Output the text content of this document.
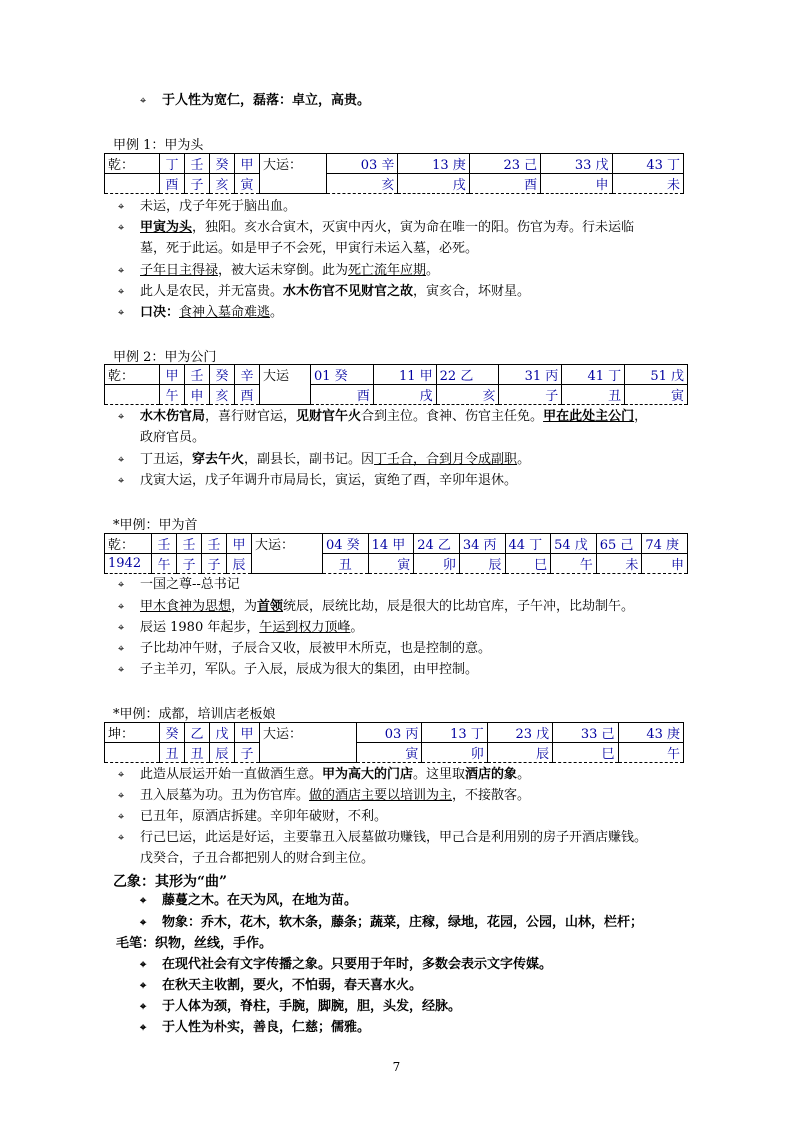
⌖ 于人性为宽仁，磊落：卓立，高贵。
甲例 1：甲为头
乾：	丁	壬	癸	甲	大运：	03 辛	13 庚	23 己	33 戊	43 丁
	酉	子	亥	寅		亥	戌	酉	申	未
⌖ 未运，戊子年死于脑出血。
⌖ 甲寅为头，独阳。亥水合寅木，灭寅中丙火，寅为命在唯一的阳。伤官为寿。行未运临
墓，死于此运。如是甲子不会死，甲寅行未运入墓，必死。
⌖ 子年日主得禄，被大运未穿倒。此为死亡流年应期。
⌖ 此人是农民，并无富贵。水木伤官不见财官之故，寅亥合，坏财星。
⌖ 口决：食神入墓命难逃。
甲例 2：甲为公门
乾：	甲	壬	癸	辛	大运	01 癸	11 甲	22 乙	31 丙	41 丁	51 戊
	午	申	亥	酉		酉	戌	亥	子	丑	寅
⌖ 水木伤官局，喜行财官运，见财官午火合到主位。食神、伤官主任免。甲在此处主公门，
政府官员。
⌖ 丁丑运，穿去午火，副县长，副书记。因丁壬合，合到月令成副职。
⌖ 戊寅大运，戊子年调升市局局长，寅运，寅绝了酉，辛卯年退休。
*甲例：甲为首
乾：	壬	壬	壬	甲	大运：	04 癸	14 甲	24 乙	34 丙	44 丁	54 戊	65 己	74 庚
1942	午	子	子	辰		丑	寅	卯	辰	巳	午	未	申
⌖ 一国之尊--总书记
⌖ 甲木食神为思想，为首领统辰，辰统比劫，辰是很大的比劫官库，子午冲，比劫制午。
⌖ 辰运 1980 年起步，午运到权力顶峰。
⌖ 子比劫冲午财，子辰合又收，辰被甲木所克，也是控制的意。
⌖ 子主羊刃，军队。子入辰，辰成为很大的集团，由甲控制。
*甲例：成都，培训店老板娘
坤：	癸	乙	戊	甲	大运：	03 丙	13 丁	23 戊	33 己	43 庚
	丑	丑	辰	子		寅	卯	辰	巳	午
⌖ 此造从辰运开始一直做酒生意。甲为高大的门店。这里取酒店的象。
⌖ 丑入辰墓为功。丑为伤官库。做的酒店主要以培训为主，不接散客。
⌖ 已丑年，原酒店拆建。辛卯年破财，不利。
⌖ 行己巳运，此运是好运，主要靠丑入辰墓做功赚钱，甲己合是利用别的房子开酒店赚钱。
戊癸合，子丑合都把别人的财合到主位。
乙象：其形为“曲”
⌖ 藤蔓之木。在天为风，在地为苗。
⌖ 物象：乔木，花木，软木条，藤条；蔬菜，庄稼，绿地，花园，公园，山林，栏杆；
毛笔：织物，丝线，手作。
⌖ 在现代社会有文字传播之象。只要用于年时，多数会表示文字传媒。
⌖ 在秋天主收割，要火，不怕弱，春天喜水火。
⌖ 于人体为颈，脊柱，手腕，脚腕，胆，头发，经脉。
⌖ 于人性为朴实，善良，仁慈；儒雅。
7
